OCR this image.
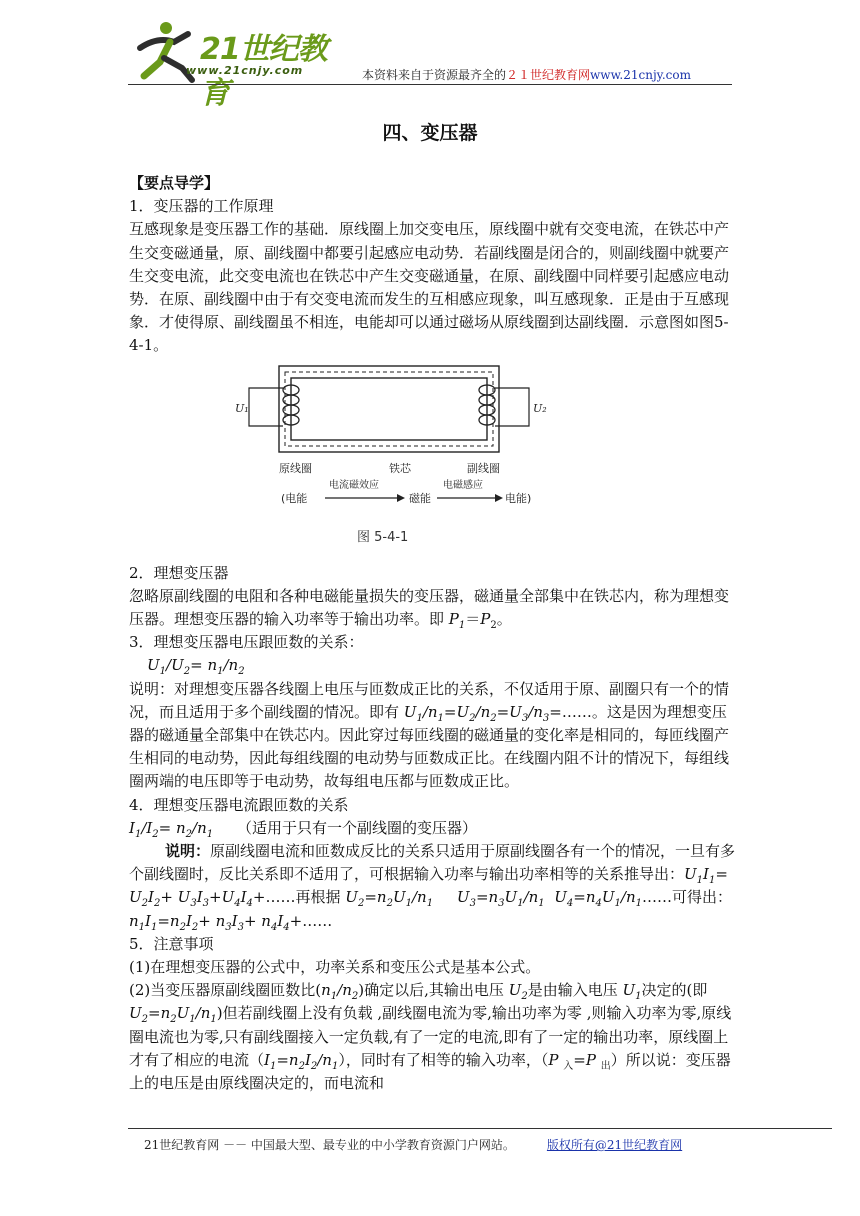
21世纪教育
www.21cnjy.com	本资料来自于资源最齐全的２１世纪教育网www.21cnjy.com
四、变压器

【要点导学】

1．变压器的工作原理

互感现象是变压器工作的基础．原线圈上加交变电压，原线圈中就有交变电流，在铁芯中产生交变磁通量，原、副线圈中都要引起感应电动势．若副线圈是闭合的，则副线圈中就要产生交变电流，此交变电流也在铁芯中产生交变磁通量，在原、副线圈中同样要引起感应电动势．在原、副线圈中由于有交变电流而发生的互相感应现象，叫互感现象．正是由于互感现象．才使得原、副线圈虽不相连，电能却可以通过磁场从原线圈到达副线圈．示意图如图5-4-1。

U₁	U₂
原线圈	铁芯	副线圈
(电能
电流磁效应
磁能
电磁感应
电能)
图 5-4-1

2．理想变压器

忽略原副线圈的电阻和各种电磁能量损失的变压器，磁通量全部集中在铁芯内，称为理想变压器。理想变压器的输入功率等于输出功率。即 $P_1=P_2$。

3．理想变压器电压跟匝数的关系：

$U_1/U_2= n_1/n_2$

说明：对理想变压器各线圈上电压与匝数成正比的关系，不仅适用于原、副圈只有一个的情况，而且适用于多个副线圈的情况。即有 $U_1/n_1=U_2/n_2=U_3/n_3=\dots\dots$。这是因为理想变压器的磁通量全部集中在铁芯内。因此穿过每匝线圈的磁通量的变化率是相同的，每匝线圈产生相同的电动势，因此每组线圈的电动势与匝数成正比。在线圈内阻不计的情况下，每组线圈两端的电压即等于电动势，故每组电压都与匝数成正比。

4．理想变压器电流跟匝数的关系

$I_1/I_2= n_2/n_1$ （适用于只有一个副线圈的变压器）

说明：原副线圈电流和匝数成反比的关系只适用于原副线圈各有一个的情况，一旦有多个副线圈时，反比关系即不适用了，可根据输入功率与输出功率相等的关系推导出：$U_1I_1= U_2I_2+$ $U_3I_3+U_4I_4+\dots\dots$再根据 $U_2=n_2U_1/n_1$ $U_3=n_3U_1/n_1$ $U_4=n_4U_1/n_1\dots\dots$可得出：

$n_1I_1=n_2I_2+ n_3I_3+$ $n_4I_4+\dots\dots$

5．注意事项

(1)在理想变压器的公式中，功率关系和变压公式是基本公式。

(2)当变压器原副线圈匝数比$(n_1/n_2)$确定以后,其输出电压 $U_2$是由输入电压 $U_1$决定的(即 $U_2=n_2U_1/n_1$)但若副线圈上没有负载 ,副线圈电流为零,输出功率为零 ,则输入功率为零,原线圈电流也为零,只有副线圈接入一定负载,有了一定的电流,即有了一定的输出功率，原线圈上才有了相应的电流$(I_1=n_2I_2/n_1)$，同时有了相等的输入功率，（P $_入$=P $_出$）所以说：变压器上的电压是由原线圈决定的，而电流和

21世纪教育网 －－ 中国最大型、最专业的中小学教育资源门户网站。	版权所有@21世纪教育网
